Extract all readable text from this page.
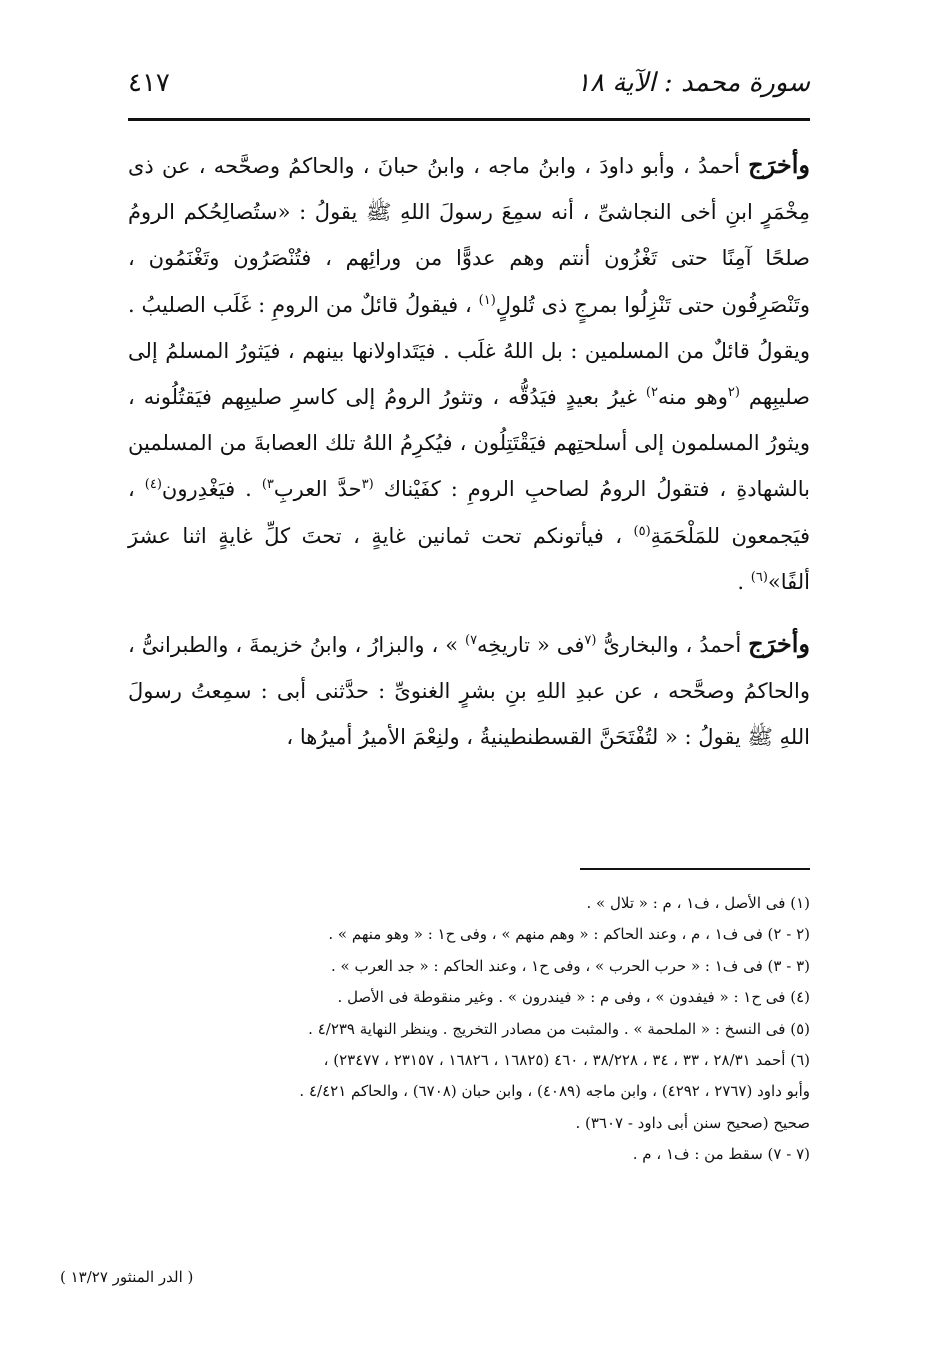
سورة محمد : الآية ١٨
٤١٧

وأخرَج أحمدُ ، وأبو داودَ ، وابنُ ماجه ، وابنُ حبانَ ، والحاكمُ وصحَّحه ، عن ذى مِخْمَرٍ ابنِ أخى النجاشىِّ ، أنه سمِعَ رسولَ اللهِ ﷺ يقولُ : «ستُصالِحُكم الرومُ صلحًا آمِنًا حتى تَغْزُون أنتم وهم عدوًّا من ورائِهم ، فتُنْصَرُون وتَغْنَمُون ، وتَنْصَرِفُون حتى تَنْزِلُوا بمرجٍ ذى تُلولٍ$^{(١)}$ ، فيقولُ قائلٌ من الرومِ : غَلَب الصليبُ . ويقولُ قائلٌ من المسلمين : بل اللهُ غلَب . فيَتَداولانها بينهم ، فيَثورُ المسلمُ إلى صليبِهم $^{(٢}$وهو منه$^{٢)}$ غيرُ بعيدٍ فيَدُقُّه ، وتثورُ الرومُ إلى كاسرِ صليبِهم فيَقتُلُونه ، ويثورُ المسلمون إلى أسلحتِهم فيَقْتَتِلُون ، فيُكرِمُ اللهُ تلك العصابةَ من المسلمين بالشهادةِ ، فتقولُ الرومُ لصاحبِ الرومِ : كفَيْناك $^{(٣}$حدَّ العربِ$^{٣)}$ . فيَغْدِرون$^{(٤)}$ ، فيَجمعون للمَلْحَمَةِ$^{(٥)}$ ، فيأتونكم تحت ثمانين غايةٍ ، تحتَ كلِّ غايةٍ اثنا عشرَ ألفًا»$^{(٦)}$ .

وأخرَج أحمدُ ، والبخارىُّ $^{(٧}$فى « تاريخِه$^{٧)}$ » ، والبزارُ ، وابنُ خزيمةَ ، والطبرانىُّ ، والحاكمُ وصحَّحه ، عن عبدِ اللهِ بنِ بشرٍ الغنوىِّ : حدَّثنى أبى : سمِعتُ رسولَ اللهِ ﷺ يقولُ : « لتُفْتَحَنَّ القسطنطينيةُ ، ولنِعْمَ الأميرُ أميرُها ،

(١) فى الأصل ، ف١ ، م : « تلال » .
(٢ - ٢) فى ف١ ، م ، وعند الحاكم : « وهم منهم » ، وفى ح١ : « وهو منهم » .
(٣ - ٣) فى ف١ : « حرب الحرب » ، وفى ح١ ، وعند الحاكم : « جد العرب » .
(٤) فى ح١ : « فيفدون » ، وفى م : « فيندرون » . وغير منقوطة فى الأصل .
(٥) فى النسخ : « الملحمة » . والمثبت من مصادر التخريج . وينظر النهاية ٤/٢٣٩ .
(٦) أحمد ٢٨/٣١ ، ٣٣ ، ٣٤ ، ٣٨/٢٢٨ ، ٤٦٠ (١٦٨٢٥ ، ١٦٨٢٦ ، ٢٣١٥٧ ، ٢٣٤٧٧) ،
وأبو داود (٢٧٦٧ ، ٤٢٩٢) ، وابن ماجه (٤٠٨٩) ، وابن حبان (٦٧٠٨) ، والحاكم ٤/٤٢١ .
صحيح (صحيح سنن أبى داود - ٣٦٠٧) .
(٧ - ٧) سقط من : ف١ ، م .
( الدر المنثور ١٣/٢٧ )
